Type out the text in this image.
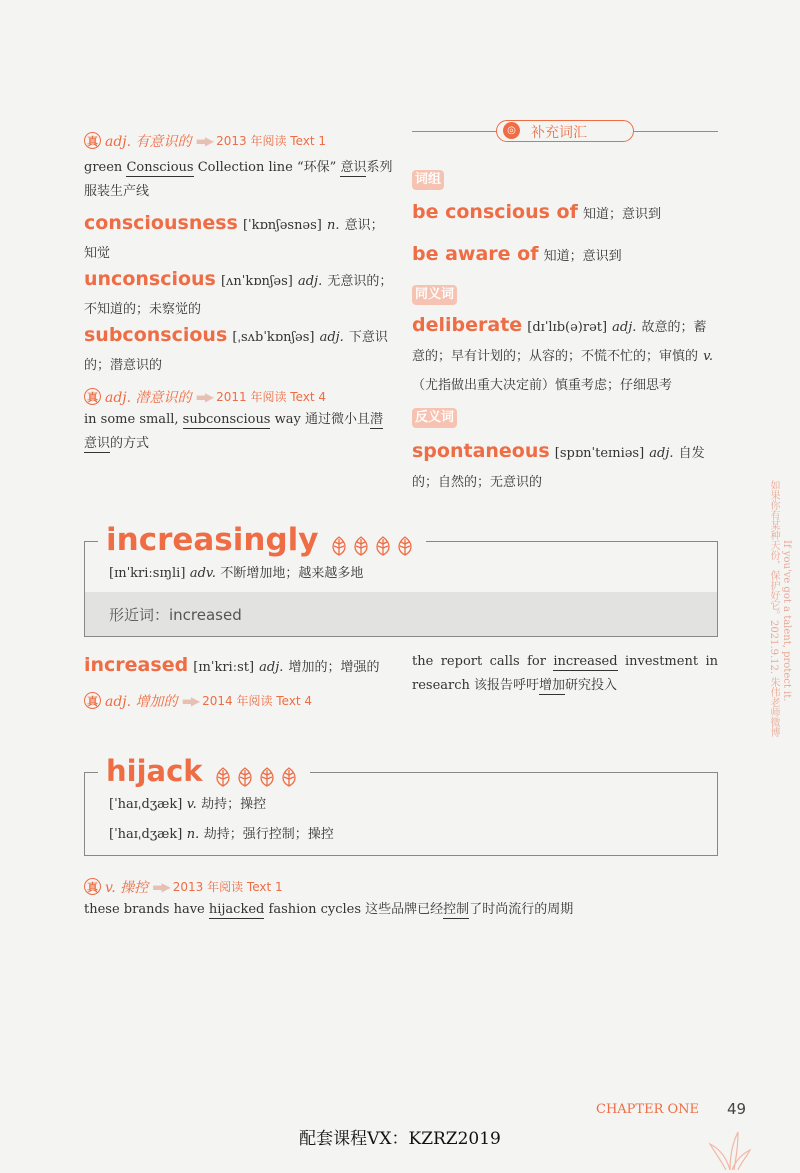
真 adj. 有意识的 ▬▶ 2013 年阅读 Text 1
green Conscious Collection line “环保” 意识系列服装生产线
consciousness [ˈkɒnʃəsnəs] n. 意识；知觉
unconscious [ʌnˈkɒnʃəs] adj. 无意识的；不知道的；未察觉的
subconscious [ˌsʌbˈkɒnʃəs] adj. 下意识的；潜意识的
真 adj. 潜意识的 ▬▶ 2011 年阅读 Text 4
in some small, subconscious way 通过微小且潜意识的方式
◎ 补充词汇
词组
be conscious of 知道；意识到
be aware of 知道；意识到
同义词
deliberate [dɪˈlɪb(ə)rət] adj. 故意的；蓄意的；早有计划的；从容的；不慌不忙的；审慎的 v.（尤指做出重大决定前）慎重考虑；仔细思考
反义词
spontaneous [spɒnˈteɪniəs] adj. 自发的；自然的；无意识的
[ɪnˈkriːsɪŋli] adv. 不断增加地；越来越多地
形近词：increased
increasingly
increased [ɪnˈkriːst] adj. 增加的；增强的
真 adj. 增加的 ▬▶ 2014 年阅读 Text 4
the report calls for increased investment in research 该报告呼吁增加研究投入
[ˈhaɪˌdʒæk] v. 劫持；操控
[ˈhaɪˌdʒæk] n. 劫持；强行控制；操控
hijack
真 v. 操控 ▬▶ 2013 年阅读 Text 1
these brands have hijacked fashion cycles 这些品牌已经控制了时尚流行的周期
如果你有某种天份，保护好它。2021.9.12. 朱伟老师微博 If you've got a talent, protect it.
CHAPTER ONE 49
配套课程VX：KZRZ2019
